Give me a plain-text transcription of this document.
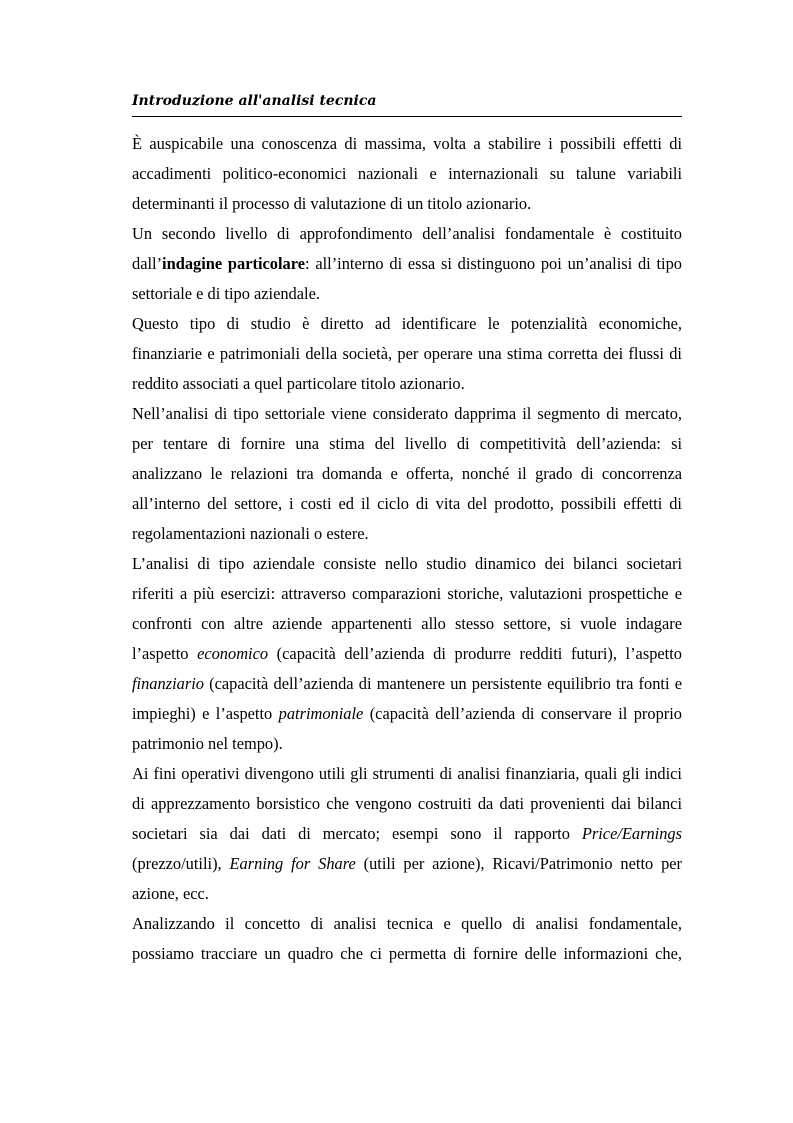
Introduzione all'analisi tecnica

È auspicabile una conoscenza di massima, volta a stabilire i possibili effetti di accadimenti politico-economici nazionali e internazionali su talune variabili determinanti il processo di valutazione di un titolo azionario.

Un secondo livello di approfondimento dell’analisi fondamentale è costituito dall’indagine particolare: all’interno di essa si distinguono poi un’analisi di tipo settoriale e di tipo aziendale.

Questo tipo di studio è diretto ad identificare le potenzialità economiche, finanziarie e patrimoniali della società, per operare una stima corretta dei flussi di reddito associati a quel particolare titolo azionario.

Nell’analisi di tipo settoriale viene considerato dapprima il segmento di mercato, per tentare di fornire una stima del livello di competitività dell’azienda: si analizzano le relazioni tra domanda e offerta, nonché il grado di concorrenza all’interno del settore, i costi ed il ciclo di vita del prodotto, possibili effetti di regolamentazioni nazionali o estere.

L’analisi di tipo aziendale consiste nello studio dinamico dei bilanci societari riferiti a più esercizi: attraverso comparazioni storiche, valutazioni prospettiche e confronti con altre aziende appartenenti allo stesso settore, si vuole indagare l’aspetto economico (capacità dell’azienda di produrre redditi futuri), l’aspetto finanziario (capacità dell’azienda di mantenere un persistente equilibrio tra fonti e impieghi) e l’aspetto patrimoniale (capacità dell’azienda di conservare il proprio patrimonio nel tempo).

Ai fini operativi divengono utili gli strumenti di analisi finanziaria, quali gli indici di apprezzamento borsistico che vengono costruiti da dati provenienti dai bilanci societari sia dai dati di mercato; esempi sono il rapporto Price/Earnings (prezzo/utili), Earning for Share (utili per azione), Ricavi/Patrimonio netto per azione, ecc.

Analizzando il concetto di analisi tecnica e quello di analisi fondamentale, possiamo tracciare un quadro che ci permetta di fornire delle informazioni che,
